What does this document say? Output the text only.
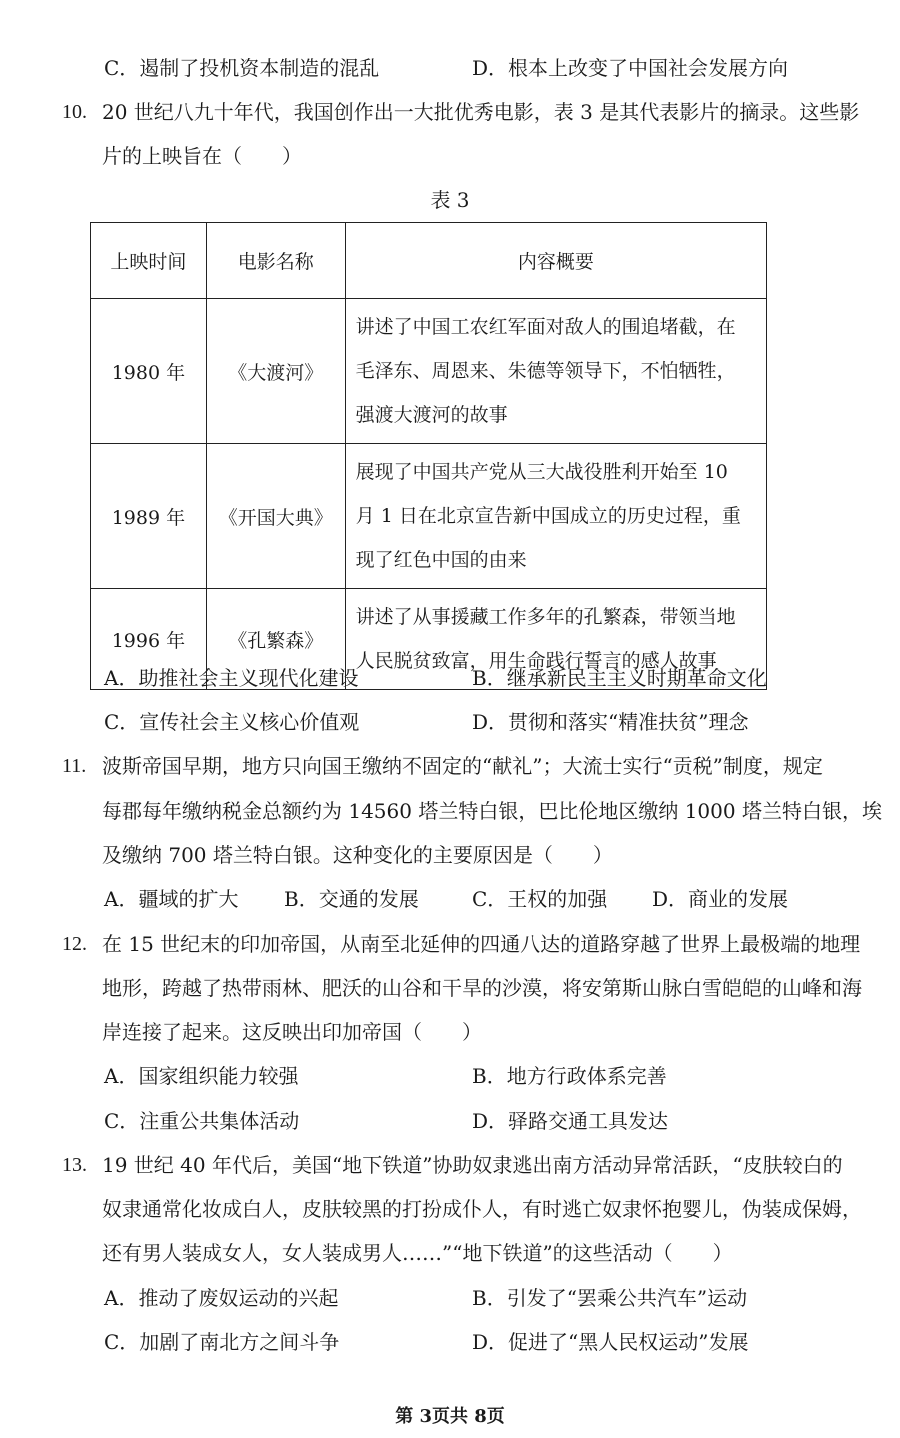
C．遏制了投机资本制造的混乱	D．根本上改变了中国社会发展方向
10. 20 世纪八九十年代，我国创作出一大批优秀电影，表 3 是其代表影片的摘录。这些影
片的上映旨在（　　）
表 3
上映时间	电影名称	内容概要
1980 年	《大渡河》	讲述了中国工农红军面对敌人的围追堵截，在
毛泽东、周恩来、朱德等领导下，不怕牺牲，
强渡大渡河的故事

1989 年	《开国大典》	展现了中国共产党从三大战役胜利开始至 10
月 1 日在北京宣告新中国成立的历史过程，重
现了红色中国的由来

1996 年	《孔繁森》	讲述了从事援藏工作多年的孔繁森，带领当地
人民脱贫致富，用生命践行誓言的感人故事
A．助推社会主义现代化建设	B．继承新民主主义时期革命文化
C．宣传社会主义核心价值观	D．贯彻和落实“精准扶贫”理念
11. 波斯帝国早期，地方只向国王缴纳不固定的“献礼”；大流士实行“贡税”制度，规定
每郡每年缴纳税金总额约为 14560 塔兰特白银，巴比伦地区缴纳 1000 塔兰特白银，埃
及缴纳 700 塔兰特白银。这种变化的主要原因是（　　）
A．疆域的扩大 B．交通的发展	C．王权的加强 D．商业的发展
12. 在 15 世纪末的印加帝国，从南至北延伸的四通八达的道路穿越了世界上最极端的地理
地形，跨越了热带雨林、肥沃的山谷和干旱的沙漠，将安第斯山脉白雪皑皑的山峰和海
岸连接了起来。这反映出印加帝国（　　）
A．国家组织能力较强	B．地方行政体系完善
C．注重公共集体活动	D．驿路交通工具发达
13. 19 世纪 40 年代后，美国“地下铁道”协助奴隶逃出南方活动异常活跃，“皮肤较白的
奴隶通常化妆成白人，皮肤较黑的打扮成仆人，有时逃亡奴隶怀抱婴儿，伪装成保姆，
还有男人装成女人，女人装成男人……”“地下铁道”的这些活动（　　）
A．推动了废奴运动的兴起	B．引发了“罢乘公共汽车”运动
C．加剧了南北方之间斗争	D．促进了“黑人民权运动”发展
第 3页共 8页
